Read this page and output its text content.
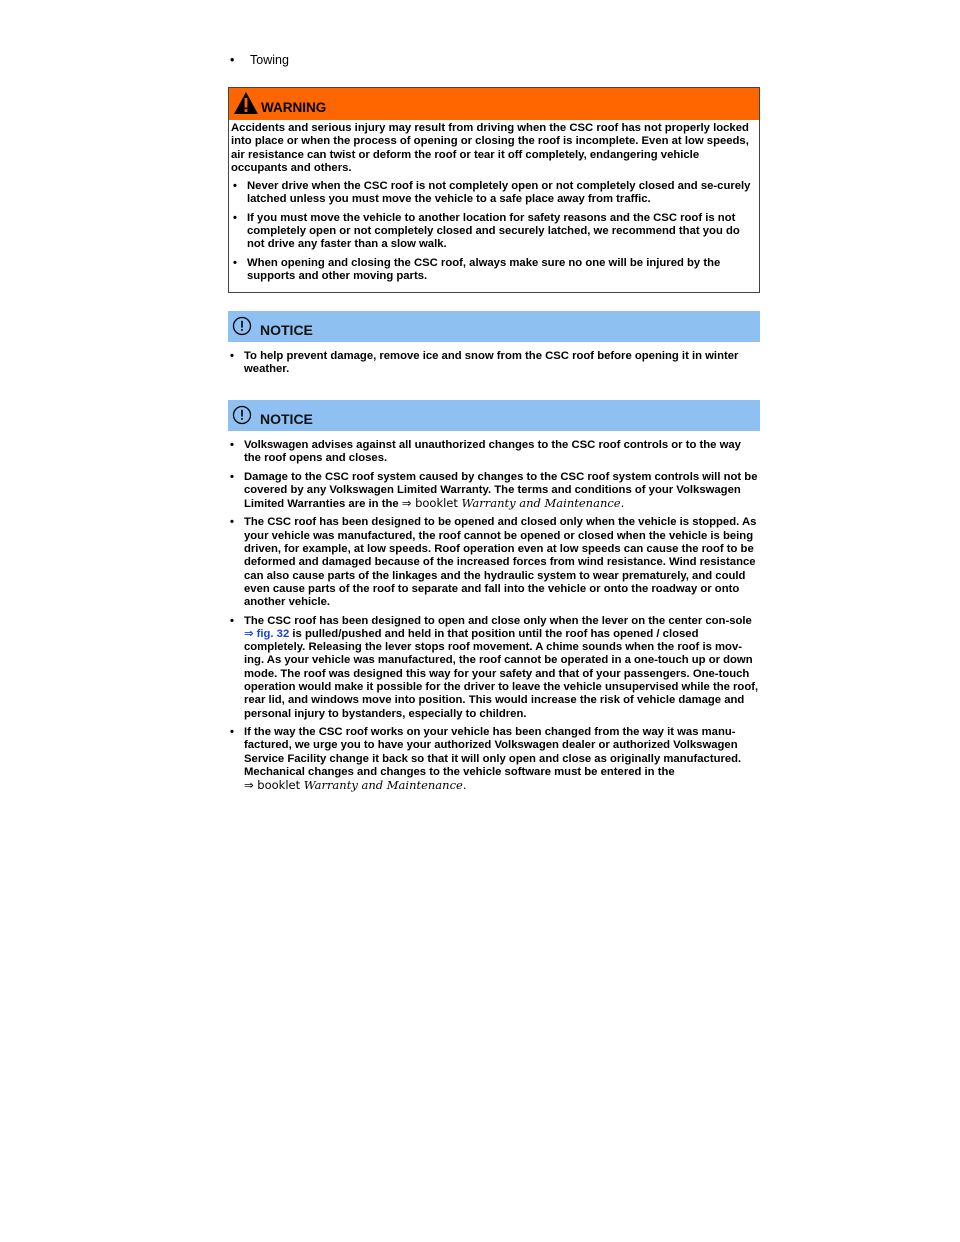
•
Towing
WARNING

Accidents and serious injury may result from driving when the CSC roof has not properly locked into place or when the process of opening or closing the roof is incomplete. Even at low speeds, air resistance can twist or deform the roof or tear it off completely, endangering vehicle occupants and others.

•
Never drive when the CSC roof is not completely open or not completely closed and se-curely latched unless you must move the vehicle to a safe place away from traffic.

•
If you must move the vehicle to another location for safety reasons and the CSC roof is not completely open or not completely closed and securely latched, we recommend that you do not drive any faster than a slow walk.

•
When opening and closing the CSC roof, always make sure no one will be injured by the supports and other moving parts.

NOTICE

•
To help prevent damage, remove ice and snow from the CSC roof before opening it in winter weather.

NOTICE

•
Volkswagen advises against all unauthorized changes to the CSC roof controls or to the way the roof opens and closes.

•
Damage to the CSC roof system caused by changes to the CSC roof system controls will not be covered by any Volkswagen Limited Warranty. The terms and conditions of your Volkswagen Limited Warranties are in the ⇒ booklet Warranty and Maintenance.

•
The CSC roof has been designed to be opened and closed only when the vehicle is stopped. As your vehicle was manufactured, the roof cannot be opened or closed when the vehicle is being driven, for example, at low speeds. Roof operation even at low speeds can cause the roof to be deformed and damaged because of the increased forces from wind resistance. Wind resistance can also cause parts of the linkages and the hydraulic system to wear prematurely, and could even cause parts of the roof to separate and fall into the vehicle or onto the roadway or onto another vehicle.

•
The CSC roof has been designed to open and close only when the lever on the center con-sole ⇒ fig. 32 is pulled/pushed and held in that position until the roof has opened / closed completely. Releasing the lever stops roof movement. A chime sounds when the roof is mov-ing. As your vehicle was manufactured, the roof cannot be operated in a one-touch up or down mode. The roof was designed this way for your safety and that of your passengers. One-touch operation would make it possible for the driver to leave the vehicle unsupervised while the roof, rear lid, and windows move into position. This would increase the risk of vehicle damage and personal injury to bystanders, especially to children.

•
If the way the CSC roof works on your vehicle has been changed from the way it was manu-factured, we urge you to have your authorized Volkswagen dealer or authorized Volkswagen Service Facility change it back so that it will only open and close as originally manufactured. Mechanical changes and changes to the vehicle software must be entered in the
⇒ booklet Warranty and Maintenance.
